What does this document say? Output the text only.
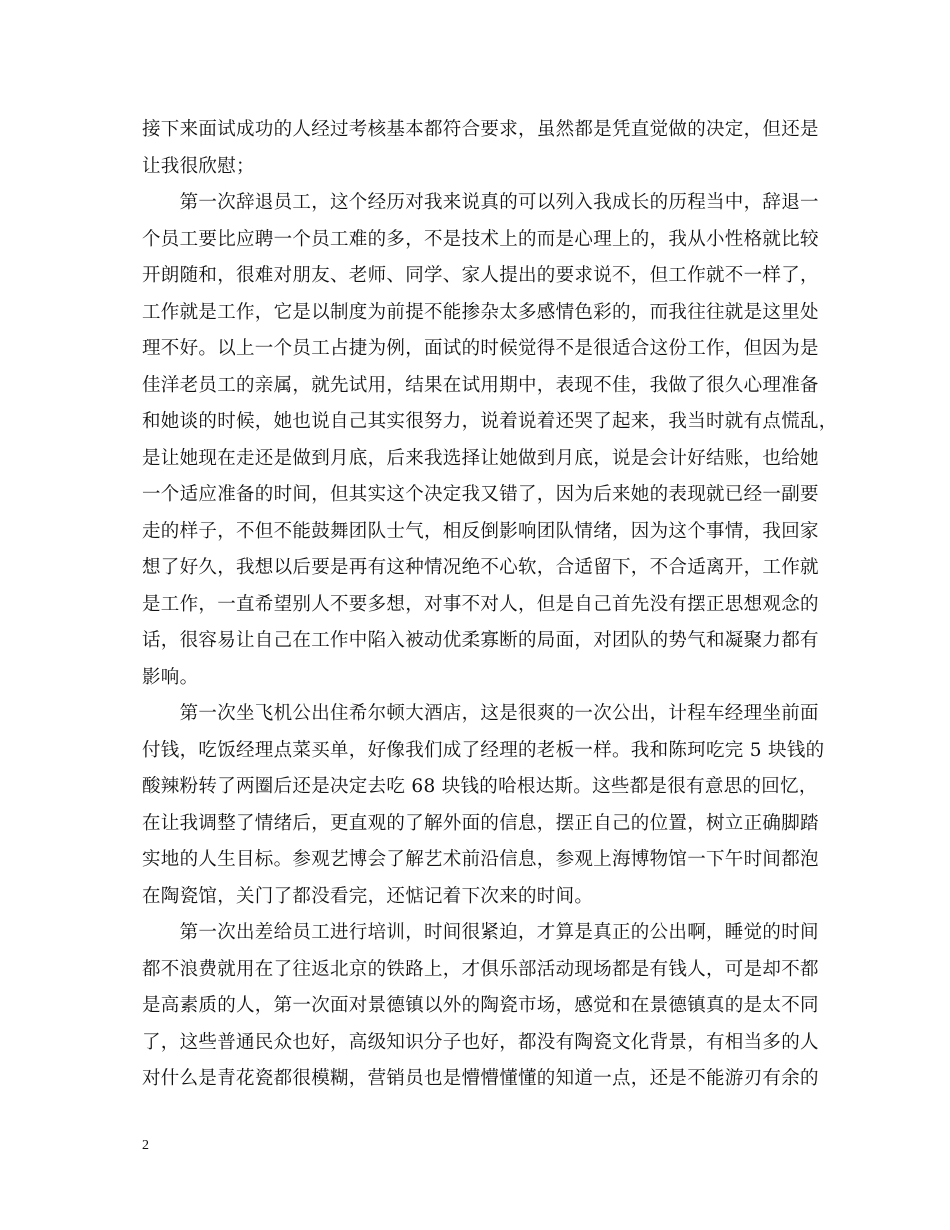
接下来面试成功的人经过考核基本都符合要求，虽然都是凭直觉做的决定，但还是
让我很欣慰；
　　第一次辞退员工，这个经历对我来说真的可以列入我成长的历程当中，辞退一
个员工要比应聘一个员工难的多，不是技术上的而是心理上的，我从小性格就比较
开朗随和，很难对朋友、老师、同学、家人提出的要求说不，但工作就不一样了，
工作就是工作，它是以制度为前提不能掺杂太多感情色彩的，而我往往就是这里处
理不好。以上一个员工占捷为例，面试的时候觉得不是很适合这份工作，但因为是
佳洋老员工的亲属，就先试用，结果在试用期中，表现不佳，我做了很久心理准备
和她谈的时候，她也说自己其实很努力，说着说着还哭了起来，我当时就有点慌乱，
是让她现在走还是做到月底，后来我选择让她做到月底，说是会计好结账，也给她
一个适应准备的时间，但其实这个决定我又错了，因为后来她的表现就已经一副要
走的样子，不但不能鼓舞团队士气，相反倒影响团队情绪，因为这个事情，我回家
想了好久，我想以后要是再有这种情况绝不心软，合适留下，不合适离开，工作就
是工作，一直希望别人不要多想，对事不对人，但是自己首先没有摆正思想观念的
话，很容易让自己在工作中陷入被动优柔寡断的局面，对团队的势气和凝聚力都有
影响。
　　第一次坐飞机公出住希尔顿大酒店，这是很爽的一次公出，计程车经理坐前面
付钱，吃饭经理点菜买单，好像我们成了经理的老板一样。我和陈珂吃完 5 块钱的
酸辣粉转了两圈后还是决定去吃 68 块钱的哈根达斯。这些都是很有意思的回忆，
在让我调整了情绪后，更直观的了解外面的信息，摆正自己的位置，树立正确脚踏
实地的人生目标。参观艺博会了解艺术前沿信息，参观上海博物馆一下午时间都泡
在陶瓷馆，关门了都没看完，还惦记着下次来的时间。
　　第一次出差给员工进行培训，时间很紧迫，才算是真正的公出啊，睡觉的时间
都不浪费就用在了往返北京的铁路上，才俱乐部活动现场都是有钱人，可是却不都
是高素质的人，第一次面对景德镇以外的陶瓷市场，感觉和在景德镇真的是太不同
了，这些普通民众也好，高级知识分子也好，都没有陶瓷文化背景，有相当多的人
对什么是青花瓷都很模糊，营销员也是懵懵懂懂的知道一点，还是不能游刃有余的
2
